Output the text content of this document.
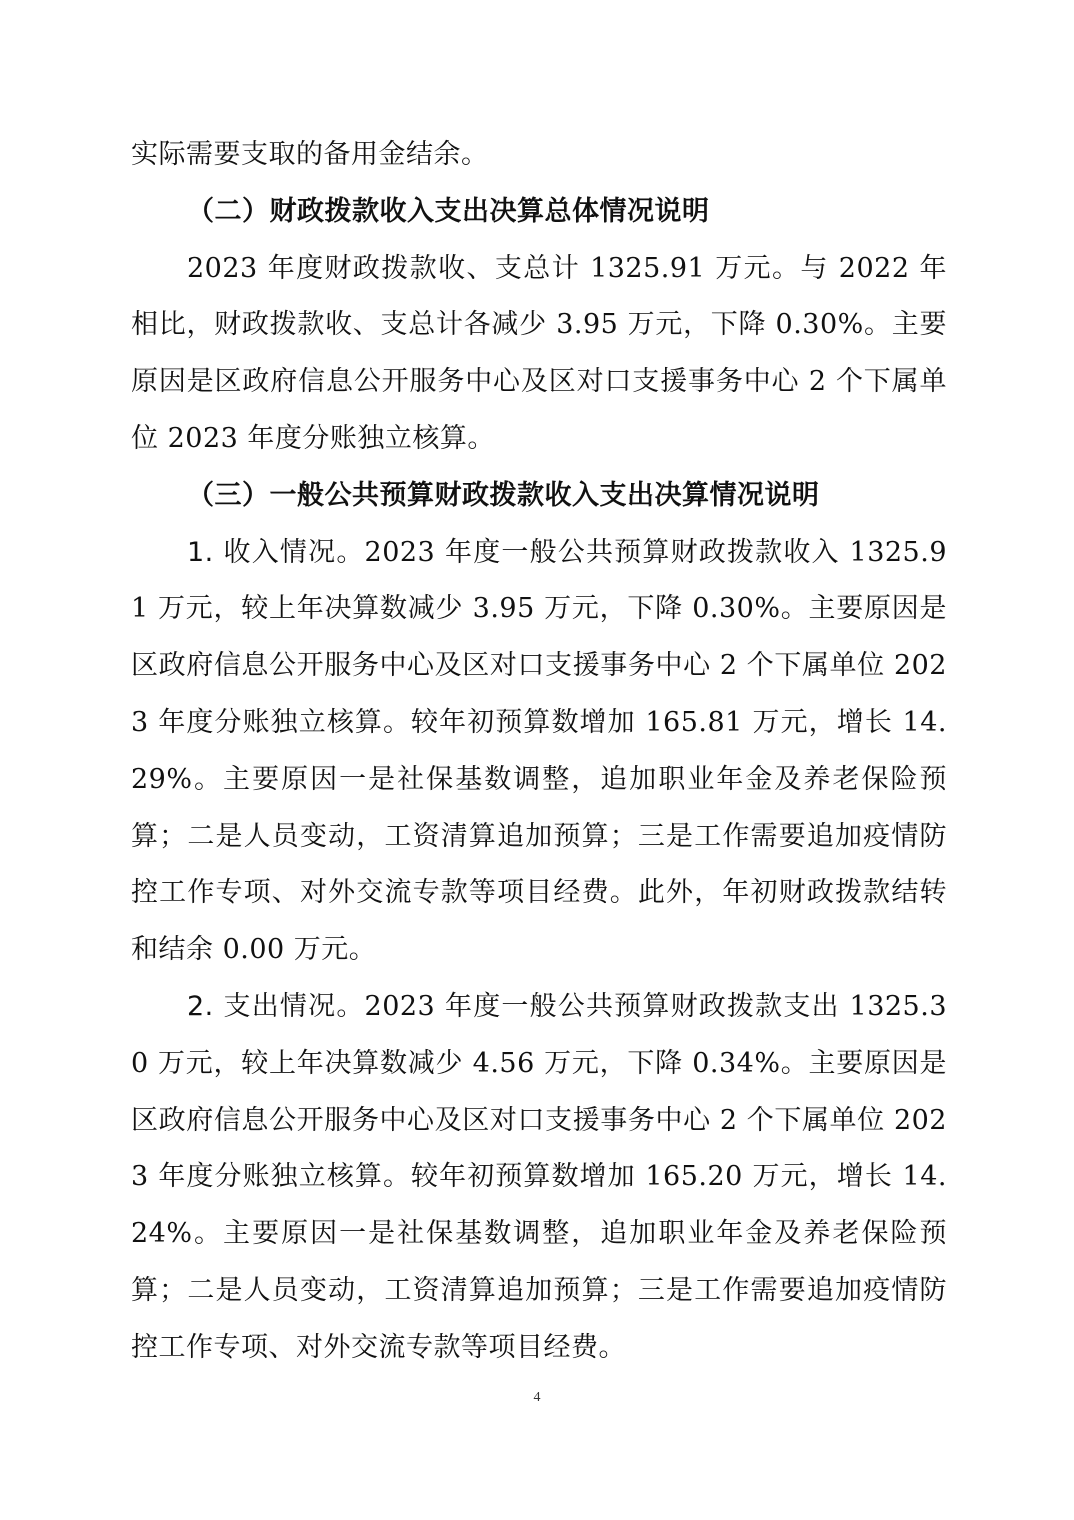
实际需要支取的备用金结余。

（二）财政拨款收入支出决算总体情况说明

2023 年度财政拨款收、支总计 1325.91 万元。与 2022 年相比，财政拨款收、支总计各减少 3.95 万元，下降 0.30%。主要原因是区政府信息公开服务中心及区对口支援事务中心 2 个下属单位 2023 年度分账独立核算。

（三）一般公共预算财政拨款收入支出决算情况说明

1. 收入情况。2023 年度一般公共预算财政拨款收入 1325.91 万元，较上年决算数减少 3.95 万元，下降 0.30%。主要原因是区政府信息公开服务中心及区对口支援事务中心 2 个下属单位 2023 年度分账独立核算。较年初预算数增加 165.81 万元，增长 14.29%。主要原因一是社保基数调整，追加职业年金及养老保险预算；二是人员变动，工资清算追加预算；三是工作需要追加疫情防控工作专项、对外交流专款等项目经费。此外，年初财政拨款结转和结余 0.00 万元。

2. 支出情况。2023 年度一般公共预算财政拨款支出 1325.30 万元，较上年决算数减少 4.56 万元，下降 0.34%。主要原因是区政府信息公开服务中心及区对口支援事务中心 2 个下属单位 2023 年度分账独立核算。较年初预算数增加 165.20 万元，增长 14.24%。主要原因一是社保基数调整，追加职业年金及养老保险预算；二是人员变动，工资清算追加预算；三是工作需要追加疫情防控工作专项、对外交流专款等项目经费。

4
